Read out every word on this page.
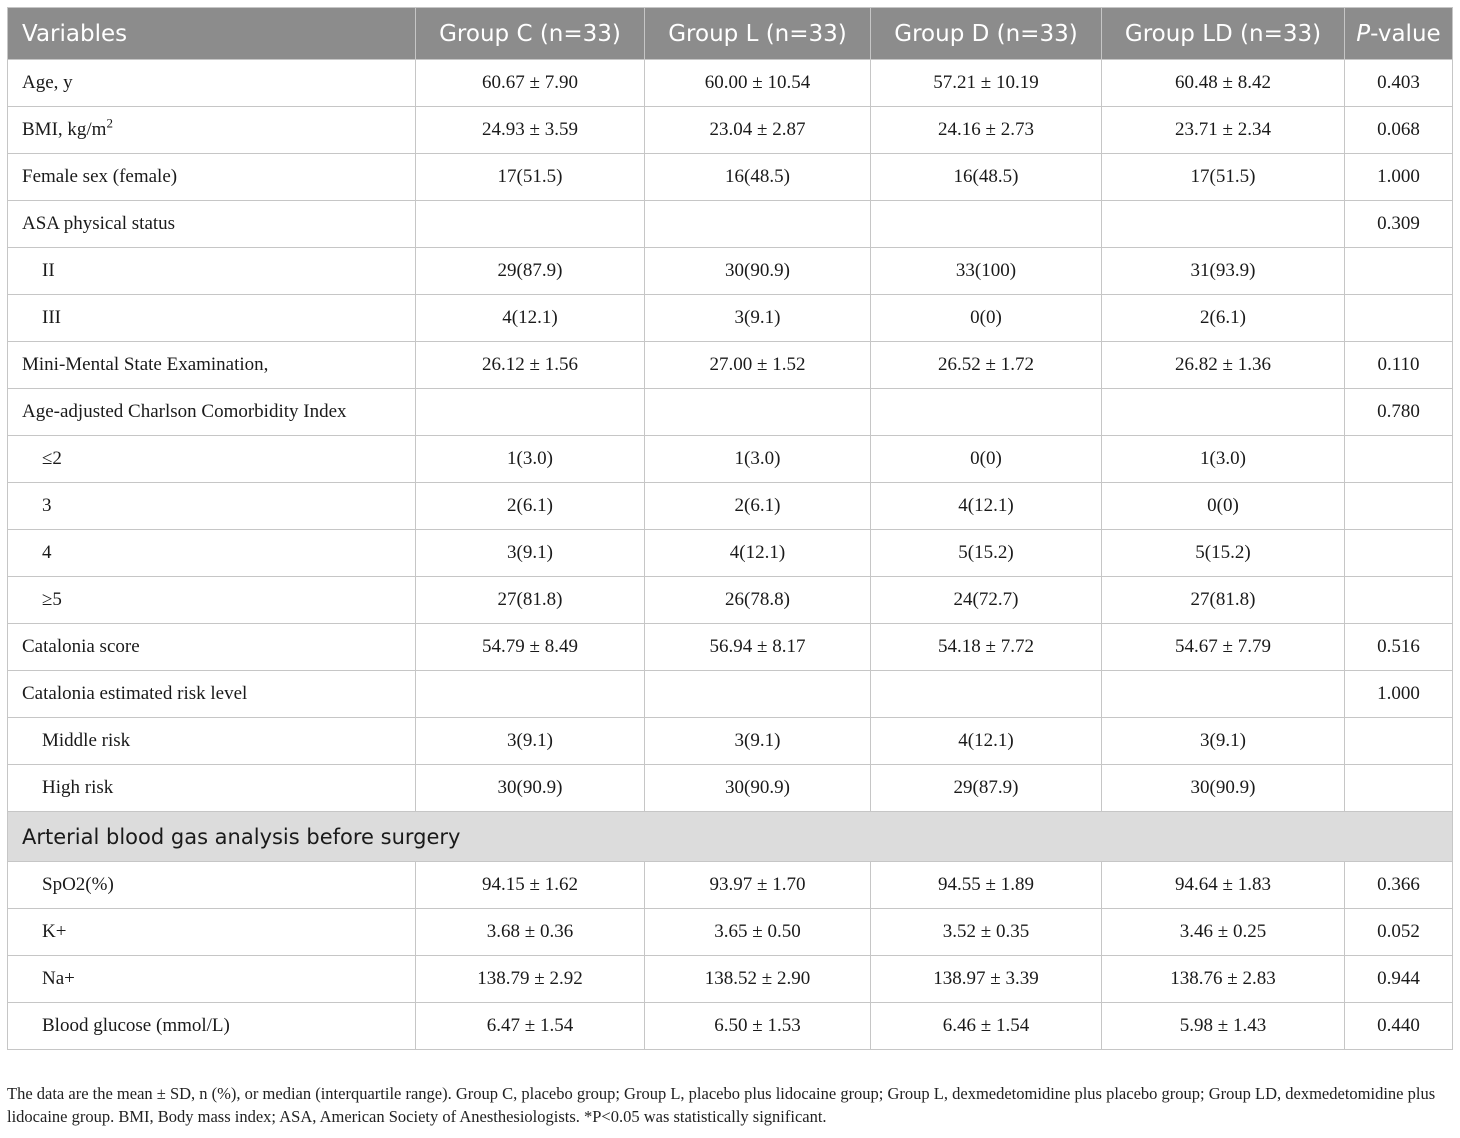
Variables	Group C (n=33)	Group L (n=33)	Group D (n=33)	Group LD (n=33)	P-value
Age, y	60.67 ± 7.90	60.00 ± 10.54	57.21 ± 10.19	60.48 ± 8.42	0.403
BMI, $kg/m^2$	24.93 ± 3.59	23.04 ± 2.87	24.16 ± 2.73	23.71 ± 2.34	0.068
Female sex (female)	17(51.5)	16(48.5)	16(48.5)	17(51.5)	1.000
ASA physical status					0.309
II	29(87.9)	30(90.9)	33(100)	31(93.9)	
III	4(12.1)	3(9.1)	0(0)	2(6.1)	
Mini-Mental State Examination,	26.12 ± 1.56	27.00 ± 1.52	26.52 ± 1.72	26.82 ± 1.36	0.110
Age-adjusted Charlson Comorbidity Index					0.780
≤2	1(3.0)	1(3.0)	0(0)	1(3.0)	
3	2(6.1)	2(6.1)	4(12.1)	0(0)	
4	3(9.1)	4(12.1)	5(15.2)	5(15.2)	
≥5	27(81.8)	26(78.8)	24(72.7)	27(81.8)	
Catalonia score	54.79 ± 8.49	56.94 ± 8.17	54.18 ± 7.72	54.67 ± 7.79	0.516
Catalonia estimated risk level					1.000
Middle risk	3(9.1)	3(9.1)	4(12.1)	3(9.1)	
High risk	30(90.9)	30(90.9)	29(87.9)	30(90.9)	
Arterial blood gas analysis before surgery					
SpO2(%)	94.15 ± 1.62	93.97 ± 1.70	94.55 ± 1.89	94.64 ± 1.83	0.366
K+	3.68 ± 0.36	3.65 ± 0.50	3.52 ± 0.35	3.46 ± 0.25	0.052
Na+	138.79 ± 2.92	138.52 ± 2.90	138.97 ± 3.39	138.76 ± 2.83	0.944
Blood glucose (mmol/L)	6.47 ± 1.54	6.50 ± 1.53	6.46 ± 1.54	5.98 ± 1.43	0.440

The data are the mean ± SD, n (%), or median (interquartile range). Group C, placebo group; Group L, placebo plus lidocaine group; Group L, dexmedetomidine plus placebo group; Group LD, dexmedetomidine plus lidocaine group. BMI, Body mass index; ASA, American Society of Anesthesiologists. *P<0.05 was statistically significant.
